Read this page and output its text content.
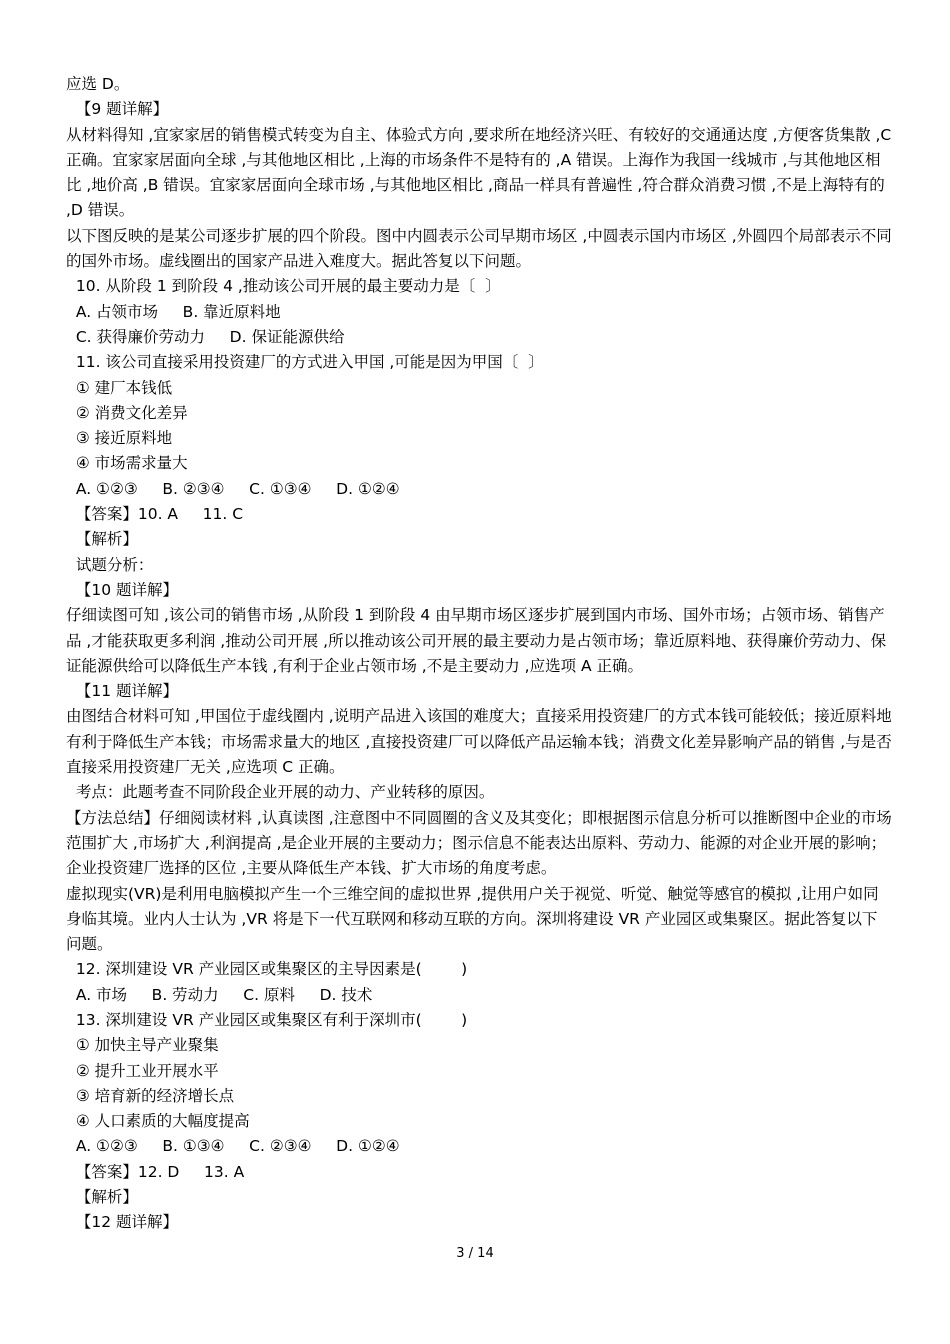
应选 D。
【9 题详解】
从材料得知 ,宜家家居的销售模式转变为自主、体验式方向 ,要求所在地经济兴旺、有较好的交通通达度 ,方便客货集散 ,C 正确。宜家家居面向全球 ,与其他地区相比 ,上海的市场条件不是特有的 ,A 错误。上海作为我国一线城市 ,与其他地区相比 ,地价高 ,B 错误。宜家家居面向全球市场 ,与其他地区相比 ,商品一样具有普遍性 ,符合群众消费习惯 ,不是上海特有的 ,D 错误。
以下图反映的是某公司逐步扩展的四个阶段。图中内圆表示公司早期市场区 ,中圆表示国内市场区 ,外圆四个局部表示不同的国外市场。虚线圈出的国家产品进入难度大。据此答复以下问题。
10. 从阶段 1 到阶段 4 ,推动该公司开展的最主要动力是〔  〕
A. 占领市场     B. 靠近原料地
C. 获得廉价劳动力     D. 保证能源供给
11. 该公司直接采用投资建厂的方式进入甲国 ,可能是因为甲国〔  〕
① 建厂本钱低
② 消费文化差异
③ 接近原料地
④ 市场需求量大
A. ①②③     B. ②③④     C. ①③④     D. ①②④
【答案】10. A     11. C
【解析】
试题分析：
【10 题详解】
仔细读图可知 ,该公司的销售市场 ,从阶段 1 到阶段 4 由早期市场区逐步扩展到国内市场、国外市场；占领市场、销售产品 ,才能获取更多利润 ,推动公司开展 ,所以推动该公司开展的最主要动力是占领市场；靠近原料地、获得廉价劳动力、保证能源供给可以降低生产本钱 ,有利于企业占领市场 ,不是主要动力 ,应选项 A 正确。
【11 题详解】
由图结合材料可知 ,甲国位于虚线圈内 ,说明产品进入该国的难度大；直接采用投资建厂的方式本钱可能较低；接近原料地有利于降低生产本钱；市场需求量大的地区 ,直接投资建厂可以降低产品运输本钱；消费文化差异影响产品的销售 ,与是否直接采用投资建厂无关 ,应选项 C 正确。
考点：此题考查不同阶段企业开展的动力、产业转移的原因。
【方法总结】仔细阅读材料 ,认真读图 ,注意图中不同圆圈的含义及其变化；即根据图示信息分析可以推断图中企业的市场范围扩大 ,市场扩大 ,利润提高 ,是企业开展的主要动力；图示信息不能表达出原料、劳动力、能源的对企业开展的影响；企业投资建厂选择的区位 ,主要从降低生产本钱、扩大市场的角度考虑。
虚拟现实(VR)是利用电脑模拟产生一个三维空间的虚拟世界 ,提供用户关于视觉、听觉、触觉等感官的模拟 ,让用户如同身临其境。业内人士认为 ,VR 将是下一代互联网和移动互联的方向。深圳将建设 VR 产业园区或集聚区。据此答复以下问题。
12. 深圳建设 VR 产业园区或集聚区的主导因素是(        )
A. 市场     B. 劳动力     C. 原料     D. 技术
13. 深圳建设 VR 产业园区或集聚区有利于深圳市(        )
① 加快主导产业聚集
② 提升工业开展水平
③ 培育新的经济增长点
④ 人口素质的大幅度提高
A. ①②③     B. ①③④     C. ②③④     D. ①②④
【答案】12. D     13. A
【解析】
【12 题详解】
3 / 14
